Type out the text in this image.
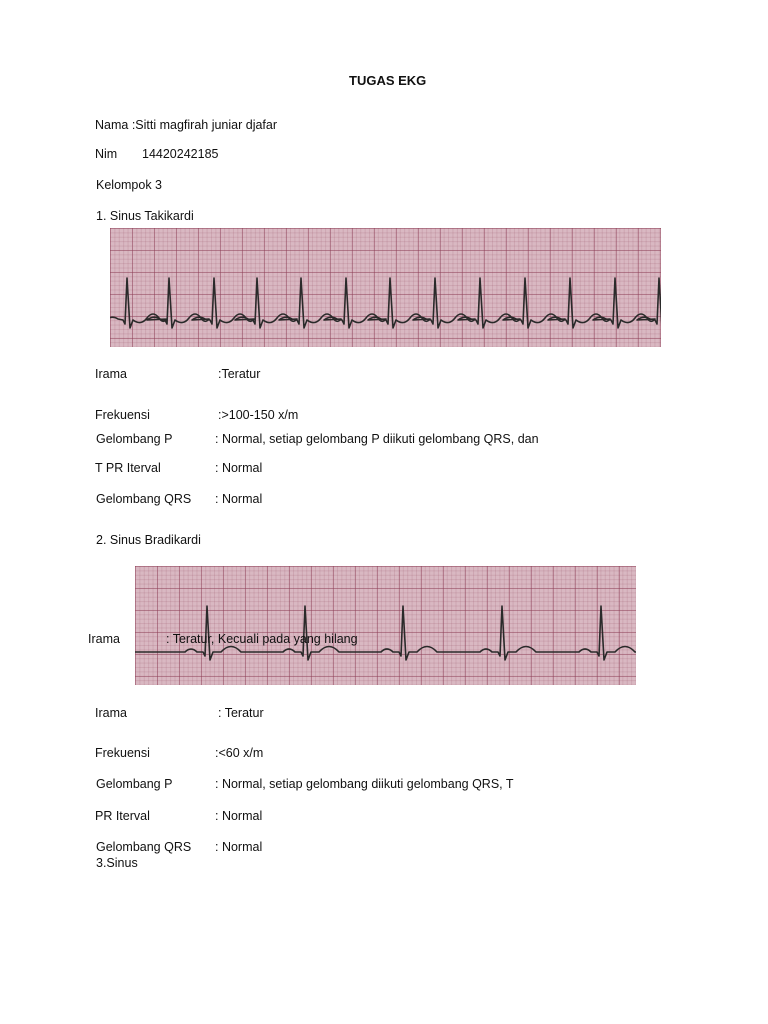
TUGAS EKG
Nama :Sitti magfirah juniar djafar
Nim 14420242185
Kelompok 3
1. Sinus Takikardi
Irama	:Teratur
Frekuensi	:>100-150 x/m
Gelombang P	: Normal, setiap gelombang P diikuti gelombang QRS, dan
T PR Iterval	: Normal
Gelombang QRS : Normal
2. Sinus Bradikardi
Irama	: Teratur, Kecuali pada yang hilang
Irama	: Teratur
Frekuensi	:<60 x/m
Gelombang P	: Normal, setiap gelombang diikuti gelombang QRS, T
PR Iterval	: Normal
Gelombang QRS : Normal
3.Sinus
